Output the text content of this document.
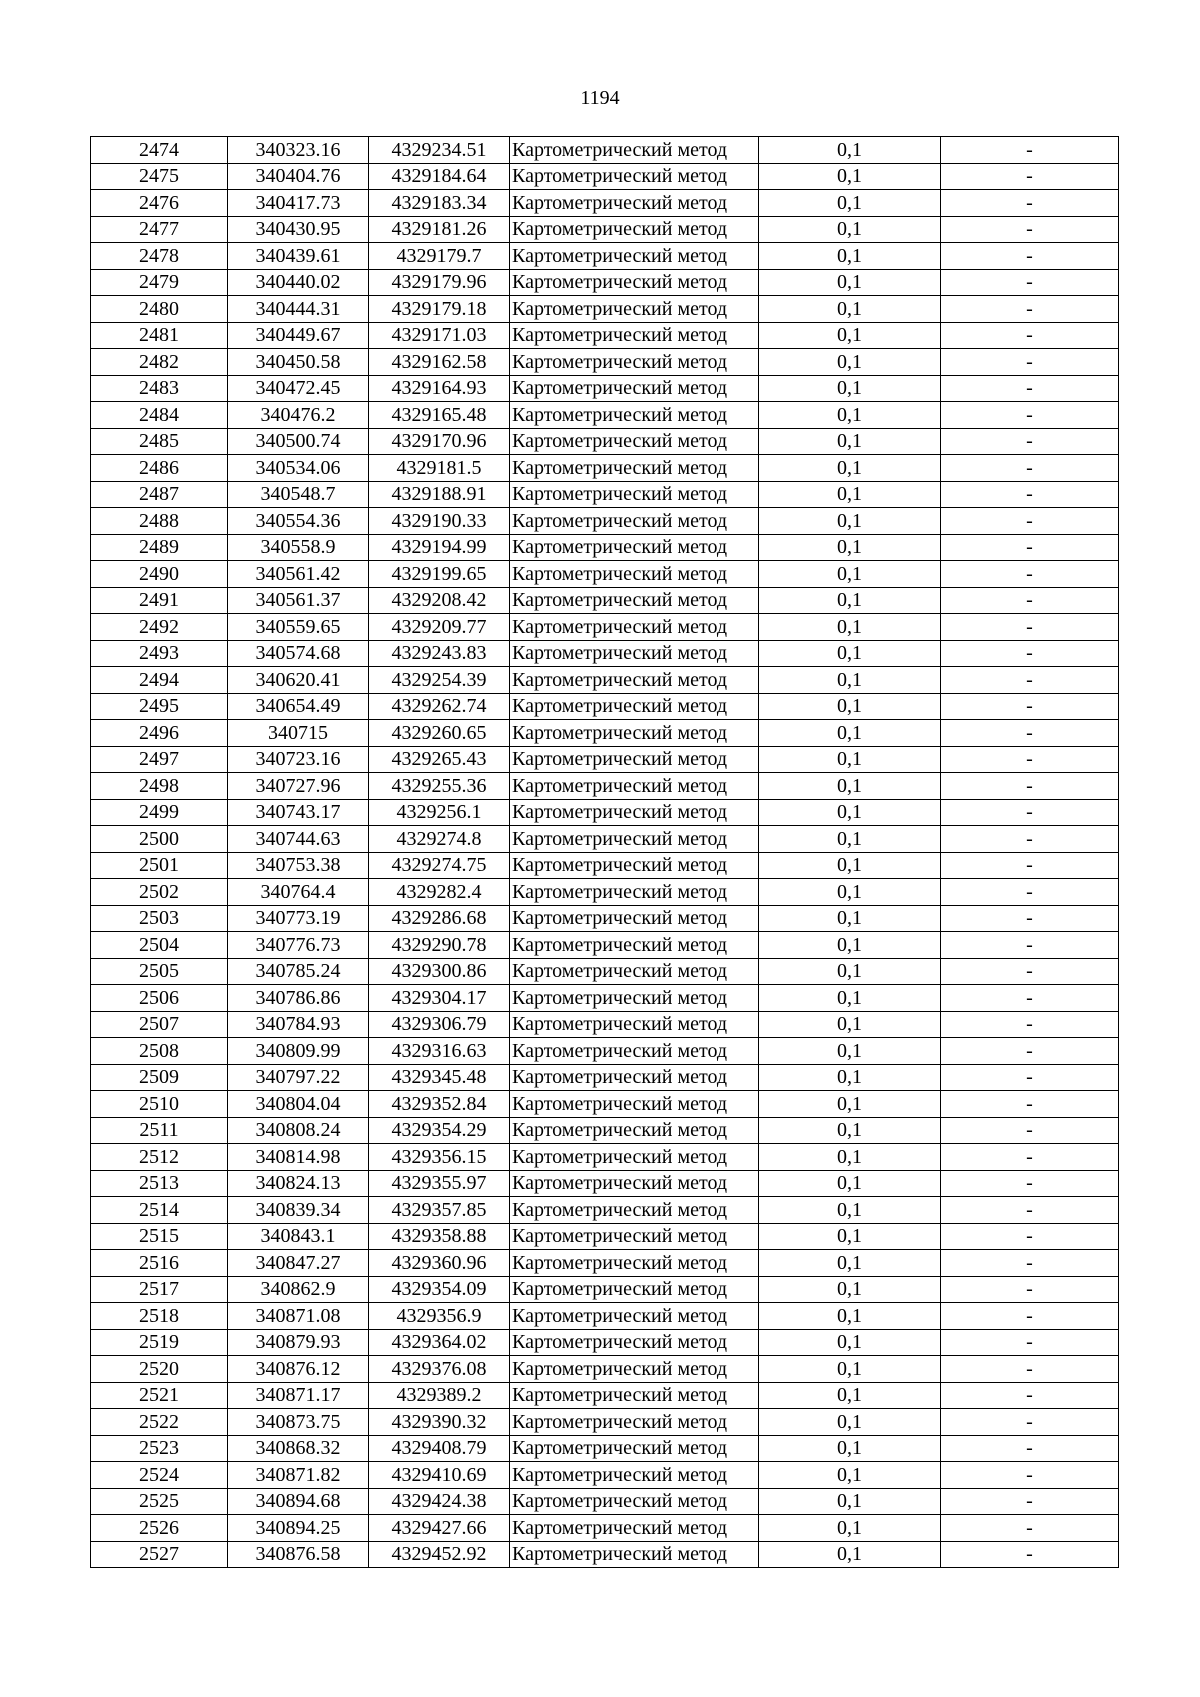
1194
2474	340323.16	4329234.51	Картометрический метод	0,1	-
2475	340404.76	4329184.64	Картометрический метод	0,1	-
2476	340417.73	4329183.34	Картометрический метод	0,1	-
2477	340430.95	4329181.26	Картометрический метод	0,1	-
2478	340439.61	4329179.7	Картометрический метод	0,1	-
2479	340440.02	4329179.96	Картометрический метод	0,1	-
2480	340444.31	4329179.18	Картометрический метод	0,1	-
2481	340449.67	4329171.03	Картометрический метод	0,1	-
2482	340450.58	4329162.58	Картометрический метод	0,1	-
2483	340472.45	4329164.93	Картометрический метод	0,1	-
2484	340476.2	4329165.48	Картометрический метод	0,1	-
2485	340500.74	4329170.96	Картометрический метод	0,1	-
2486	340534.06	4329181.5	Картометрический метод	0,1	-
2487	340548.7	4329188.91	Картометрический метод	0,1	-
2488	340554.36	4329190.33	Картометрический метод	0,1	-
2489	340558.9	4329194.99	Картометрический метод	0,1	-
2490	340561.42	4329199.65	Картометрический метод	0,1	-
2491	340561.37	4329208.42	Картометрический метод	0,1	-
2492	340559.65	4329209.77	Картометрический метод	0,1	-
2493	340574.68	4329243.83	Картометрический метод	0,1	-
2494	340620.41	4329254.39	Картометрический метод	0,1	-
2495	340654.49	4329262.74	Картометрический метод	0,1	-
2496	340715	4329260.65	Картометрический метод	0,1	-
2497	340723.16	4329265.43	Картометрический метод	0,1	-
2498	340727.96	4329255.36	Картометрический метод	0,1	-
2499	340743.17	4329256.1	Картометрический метод	0,1	-
2500	340744.63	4329274.8	Картометрический метод	0,1	-
2501	340753.38	4329274.75	Картометрический метод	0,1	-
2502	340764.4	4329282.4	Картометрический метод	0,1	-
2503	340773.19	4329286.68	Картометрический метод	0,1	-
2504	340776.73	4329290.78	Картометрический метод	0,1	-
2505	340785.24	4329300.86	Картометрический метод	0,1	-
2506	340786.86	4329304.17	Картометрический метод	0,1	-
2507	340784.93	4329306.79	Картометрический метод	0,1	-
2508	340809.99	4329316.63	Картометрический метод	0,1	-
2509	340797.22	4329345.48	Картометрический метод	0,1	-
2510	340804.04	4329352.84	Картометрический метод	0,1	-
2511	340808.24	4329354.29	Картометрический метод	0,1	-
2512	340814.98	4329356.15	Картометрический метод	0,1	-
2513	340824.13	4329355.97	Картометрический метод	0,1	-
2514	340839.34	4329357.85	Картометрический метод	0,1	-
2515	340843.1	4329358.88	Картометрический метод	0,1	-
2516	340847.27	4329360.96	Картометрический метод	0,1	-
2517	340862.9	4329354.09	Картометрический метод	0,1	-
2518	340871.08	4329356.9	Картометрический метод	0,1	-
2519	340879.93	4329364.02	Картометрический метод	0,1	-
2520	340876.12	4329376.08	Картометрический метод	0,1	-
2521	340871.17	4329389.2	Картометрический метод	0,1	-
2522	340873.75	4329390.32	Картометрический метод	0,1	-
2523	340868.32	4329408.79	Картометрический метод	0,1	-
2524	340871.82	4329410.69	Картометрический метод	0,1	-
2525	340894.68	4329424.38	Картометрический метод	0,1	-
2526	340894.25	4329427.66	Картометрический метод	0,1	-
2527	340876.58	4329452.92	Картометрический метод	0,1	-
